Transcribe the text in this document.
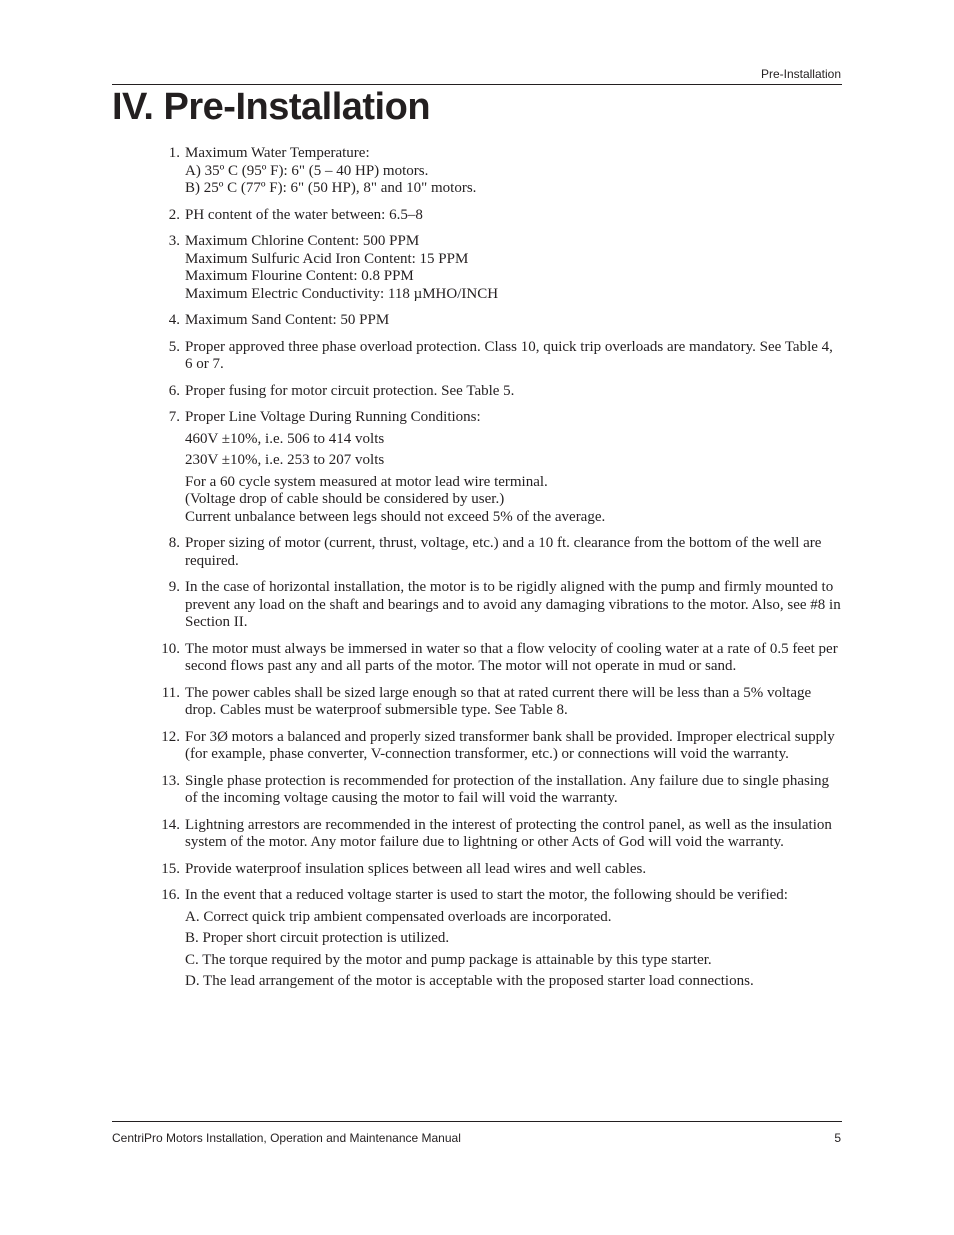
Pre-Installation
IV. Pre-Installation
1. Maximum Water Temperature:
A) 35º C (95º F): 6" (5 – 40 HP) motors.
B) 25º C (77º F): 6" (50 HP), 8" and 10" motors.
2. PH content of the water between: 6.5–8
3. Maximum Chlorine Content: 500 PPM
Maximum Sulfuric Acid Iron Content: 15 PPM
Maximum Flourine Content: 0.8 PPM
Maximum Electric Conductivity: 118 µMHO/INCH
4. Maximum Sand Content: 50 PPM
5. Proper approved three phase overload protection. Class 10, quick trip overloads are mandatory. See Table 4, 6 or 7.
6. Proper fusing for motor circuit protection. See Table 5.
7. Proper Line Voltage During Running Conditions:
460V ±10%, i.e. 506 to 414 volts
230V ±10%, i.e. 253 to 207 volts
For a 60 cycle system measured at motor lead wire terminal.
(Voltage drop of cable should be considered by user.)
Current unbalance between legs should not exceed 5% of the average.
8. Proper sizing of motor (current, thrust, voltage, etc.) and a 10 ft. clearance from the bottom of the well are required.
9. In the case of horizontal installation, the motor is to be rigidly aligned with the pump and firmly mounted to prevent any load on the shaft and bearings and to avoid any damaging vibrations to the motor. Also, see #8 in Section II.
10. The motor must always be immersed in water so that a flow velocity of cooling water at a rate of 0.5 feet per second flows past any and all parts of the motor. The motor will not operate in mud or sand.
11. The power cables shall be sized large enough so that at rated current there will be less than a 5% voltage drop. Cables must be waterproof submersible type. See Table 8.
12. For 3Ø motors a balanced and properly sized transformer bank shall be provided. Improper electrical supply (for example, phase converter, V-connection transformer, etc.) or connections will void the warranty.
13. Single phase protection is recommended for protection of the installation. Any failure due to single phasing of the incoming voltage causing the motor to fail will void the warranty.
14. Lightning arrestors are recommended in the interest of protecting the control panel, as well as the insulation system of the motor. Any motor failure due to lightning or other Acts of God will void the warranty.
15. Provide waterproof insulation splices between all lead wires and well cables.
16. In the event that a reduced voltage starter is used to start the motor, the following should be verified:
A. Correct quick trip ambient compensated overloads are incorporated.
B. Proper short circuit protection is utilized.
C. The torque required by the motor and pump package is attainable by this type starter.
D. The lead arrangement of the motor is acceptable with the proposed starter load connections.
CentriPro Motors Installation, Operation and Maintenance Manual	5
